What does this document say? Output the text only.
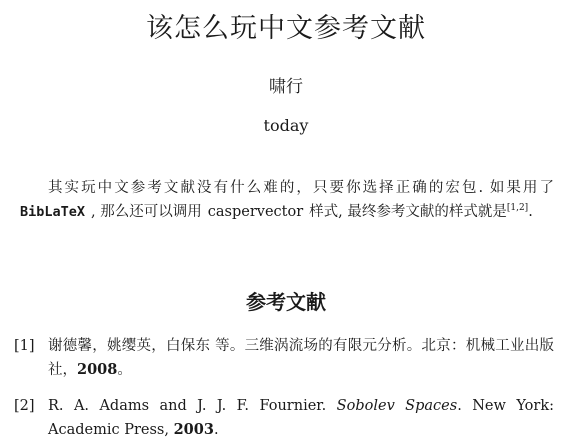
该怎么玩中文参考文献
啸行
today
其实玩中文参考文献没有什么难的，只要你选择正确的宏包. 如果用了BibLaTeX , 那么还可以调用 caspervector 样式, 最终参考文献的样式就是[1,2].
参考文献
[1] 谢德馨，姚缨英，白保东 等。三维涡流场的有限元分析。北京：机械工业出版社，2008。
[2] R. A. Adams and J. J. F. Fournier. Sobolev Spaces. New York: Academic Press, 2003.
